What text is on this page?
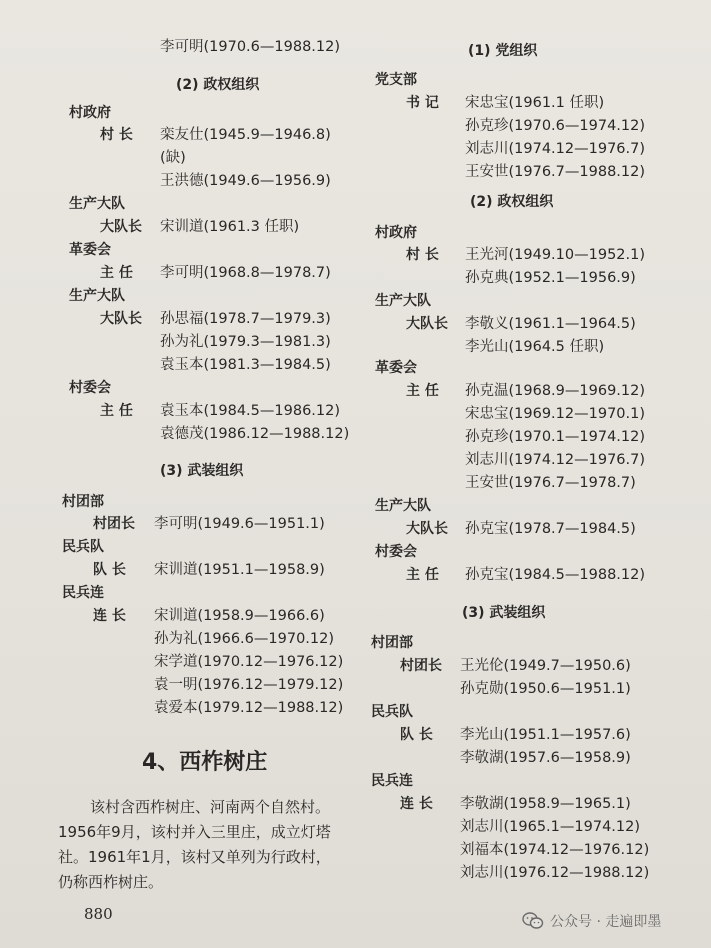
李可明(1970.6—1988.12)
(2) 政权组织
村政府
村 长 栾友仕(1945.9—1946.8)
(缺)
王洪德(1949.6—1956.9)
生产大队
大队长 宋训道(1961.3 任职)
革委会
主 任 李可明(1968.8—1978.7)
生产大队
大队长 孙思福(1978.7—1979.3)
孙为礼(1979.3—1981.3)
袁玉本(1981.3—1984.5)
村委会
主 任 袁玉本(1984.5—1986.12)
袁德茂(1986.12—1988.12)
(3) 武装组织
村团部
村团长 李可明(1949.6—1951.1)
民兵队
队 长 宋训道(1951.1—1958.9)
民兵连
连 长 宋训道(1958.9—1966.6)
孙为礼(1966.6—1970.12)
宋学道(1970.12—1976.12)
袁一明(1976.12—1979.12)
袁爱本(1979.12—1988.12)
4、西柞树庄
该村含西柞树庄、河南两个自然村。
1956年9月，该村并入三里庄，成立灯塔
社。1961年1月，该村又单列为行政村，
仍称西柞树庄。
880
(1) 党组织
党支部
书 记 宋忠宝(1961.1 任职)
孙克珍(1970.6—1974.12)
刘志川(1974.12—1976.7)
王安世(1976.7—1988.12)
(2) 政权组织
村政府
村 长 王光河(1949.10—1952.1)
孙克典(1952.1—1956.9)
生产大队
大队长 李敬义(1961.1—1964.5)
李光山(1964.5 任职)
革委会
主 任 孙克温(1968.9—1969.12)
宋忠宝(1969.12—1970.1)
孙克珍(1970.1—1974.12)
刘志川(1974.12—1976.7)
王安世(1976.7—1978.7)
生产大队
大队长 孙克宝(1978.7—1984.5)
村委会
主 任 孙克宝(1984.5—1988.12)
(3) 武装组织
村团部
村团长 王光伦(1949.7—1950.6)
孙克勋(1950.6—1951.1)
民兵队
队 长 李光山(1951.1—1957.6)
李敬湖(1957.6—1958.9)
民兵连
连 长 李敬湖(1958.9—1965.1)
刘志川(1965.1—1974.12)
刘福本(1974.12—1976.12)
刘志川(1976.12—1988.12)
公众号 · 走遍即墨
